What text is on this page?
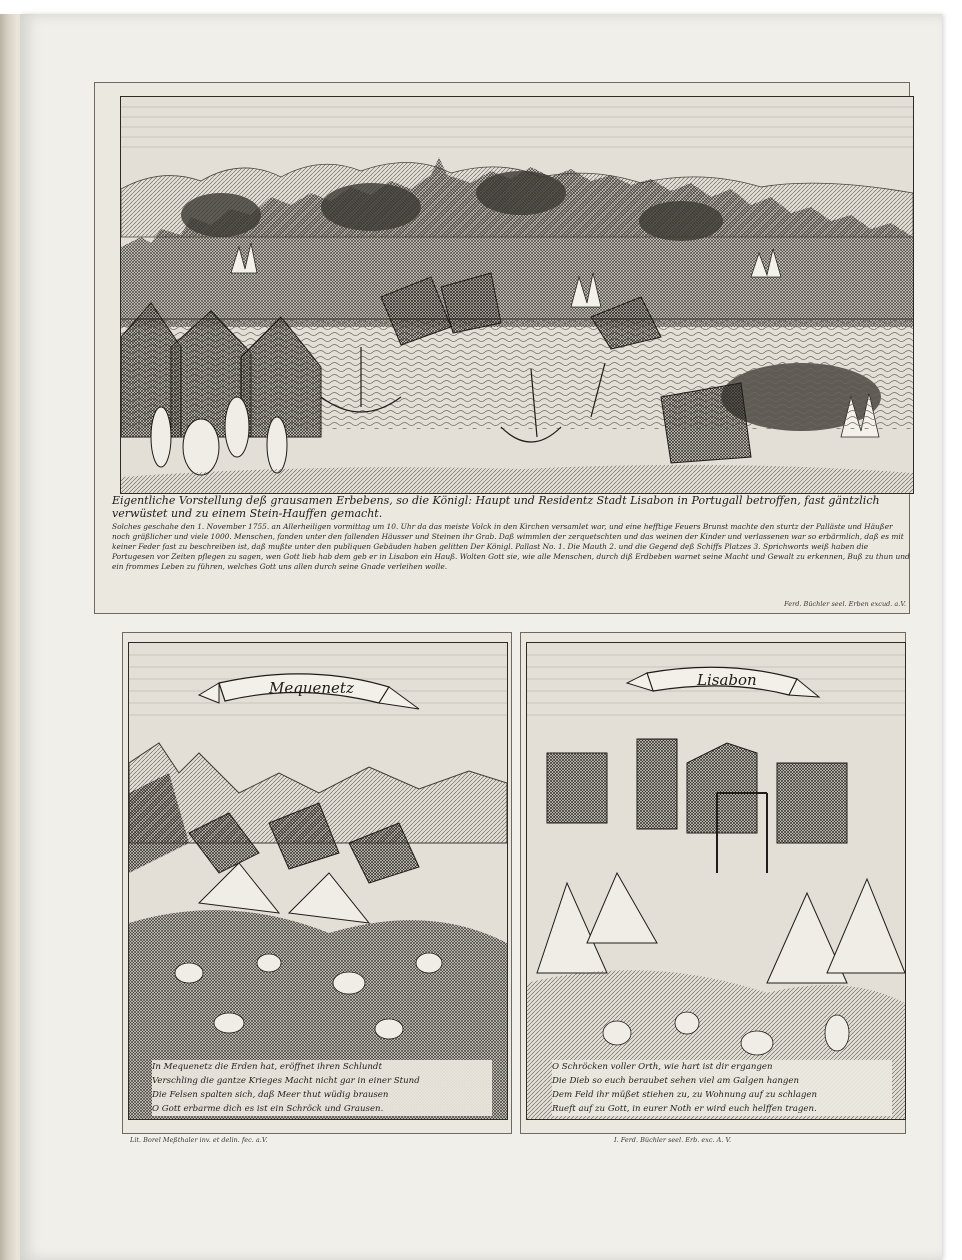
Eigentliche Vorstellung deß grausamen Erbebens, so die Königl: Haupt und Residentz Stadt Lisabon in Portugall betroffen, fast gäntzlich verwüstet und zu einem Stein-Hauffen gemacht.
Solches geschahe den 1. November 1755. an Allerheiligen vormittag um 10. Uhr da das meiste Volck in den Kirchen versamlet war, und eine hefftige Feuers Brunst machte den sturtz der Palläste und Häußer noch gräßlicher und viele 1000. Menschen, fanden unter den fallenden Häusser und Steinen ihr Grab. Daß wimmlen der zerquetschten und das weinen der Kinder und verlassenen war so erbärmlich, daß es mit keiner Feder fast zu beschreiben ist, daß mußte unter den publiquen Gebäuden haben gelitten Der Königl. Pallast No. 1. Die Mauth 2. und die Gegend deß Schiffs Platzes 3. Sprichworts weiß haben die Portugesen vor Zeiten pflegen zu sagen, wen Gott lieb hab dem geb er in Lisabon ein Hauß. Wolten Gott sie, wie alle Menschen, durch diß Erdbeben warnet seine Macht und Gewalt zu erkennen, Buß zu thun und ein frommes Leben zu führen, welches Gott uns allen durch seine Gnade verleihen wolle.
Ferd. Büchler seel. Erben excud. a.V.
Mequenetz
In Mequenetz die Erden hat, eröffnet ihren Schlundt
Verschling die gantze Krieges Macht nicht gar in einer Stund
Die Felsen spalten sich, daß Meer thut wüdig brausen
O Gott erbarme dich es ist ein Schröck und Grausen.
Lit. Borel Meßthaler inv. et delin. fec. a.V.
Lisabon
O Schröcken voller Orth, wie hart ist dir ergangen
Die Dieb so euch beraubet sehen viel am Galgen hangen
Dem Feld ihr müßet stiehen zu, zu Wohnung auf zu schlagen
Rueft auf zu Gott, in eurer Noth er wird euch helffen tragen.
I. Ferd. Büchler seel. Erb. exc. A. V.
